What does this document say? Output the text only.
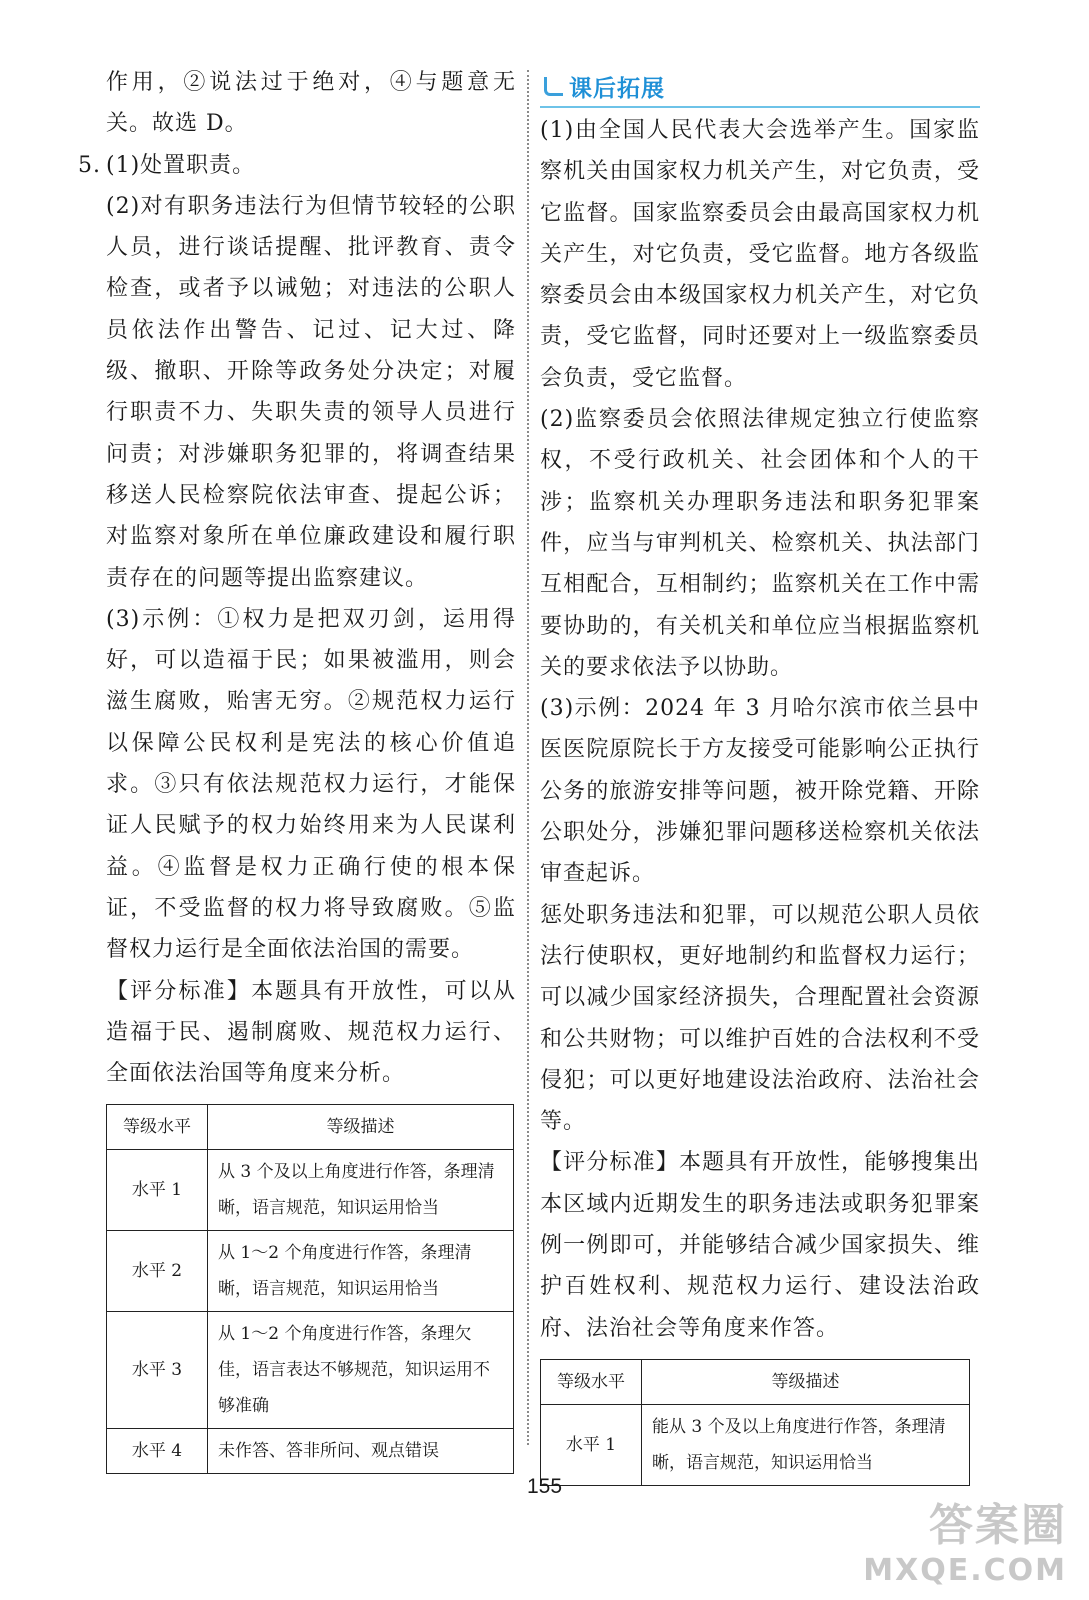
作用，②说法过于绝对，④与题意无关。故选 D。

5. (1)处置职责。

(2)对有职务违法行为但情节较轻的公职人员，进行谈话提醒、批评教育、责令检查，或者予以诫勉；对违法的公职人员依法作出警告、记过、记大过、降级、撤职、开除等政务处分决定；对履行职责不力、失职失责的领导人员进行问责；对涉嫌职务犯罪的，将调查结果移送人民检察院依法审查、提起公诉；对监察对象所在单位廉政建设和履行职责存在的问题等提出监察建议。

(3)示例：①权力是把双刃剑，运用得好，可以造福于民；如果被滥用，则会滋生腐败，贻害无穷。②规范权力运行以保障公民权利是宪法的核心价值追求。③只有依法规范权力运行，才能保证人民赋予的权力始终用来为人民谋利益。④监督是权力正确行使的根本保证，不受监督的权力将导致腐败。⑤监督权力运行是全面依法治国的需要。

【评分标准】本题具有开放性，可以从造福于民、遏制腐败、规范权力运行、全面依法治国等角度来分析。

等级水平	等级描述
水平 1	从 3 个及以上角度进行作答，条理清晰，语言规范，知识运用恰当
水平 2	从 1～2 个角度进行作答，条理清晰，语言规范，知识运用恰当
水平 3	从 1～2 个角度进行作答，条理欠佳，语言表达不够规范，知识运用不够准确
水平 4	未作答、答非所问、观点错误
课后拓展

(1)由全国人民代表大会选举产生。国家监察机关由国家权力机关产生，对它负责，受它监督。国家监察委员会由最高国家权力机关产生，对它负责，受它监督。地方各级监察委员会由本级国家权力机关产生，对它负责，受它监督，同时还要对上一级监察委员会负责，受它监督。

(2)监察委员会依照法律规定独立行使监察权，不受行政机关、社会团体和个人的干涉；监察机关办理职务违法和职务犯罪案件，应当与审判机关、检察机关、执法部门互相配合，互相制约；监察机关在工作中需要协助的，有关机关和单位应当根据监察机关的要求依法予以协助。

(3)示例：2024 年 3 月哈尔滨市依兰县中医医院原院长于方友接受可能影响公正执行公务的旅游安排等问题，被开除党籍、开除公职处分，涉嫌犯罪问题移送检察机关依法审查起诉。

惩处职务违法和犯罪，可以规范公职人员依法行使职权，更好地制约和监督权力运行；可以减少国家经济损失，合理配置社会资源和公共财物；可以维护百姓的合法权利不受侵犯；可以更好地建设法治政府、法治社会等。

【评分标准】本题具有开放性，能够搜集出本区域内近期发生的职务违法或职务犯罪案例一例即可，并能够结合减少国家损失、维护百姓权利、规范权力运行、建设法治政府、法治社会等角度来作答。

等级水平	等级描述
水平 1	能从 3 个及以上角度进行作答，条理清晰，语言规范，知识运用恰当
155
答案圈
MXQE.COM
